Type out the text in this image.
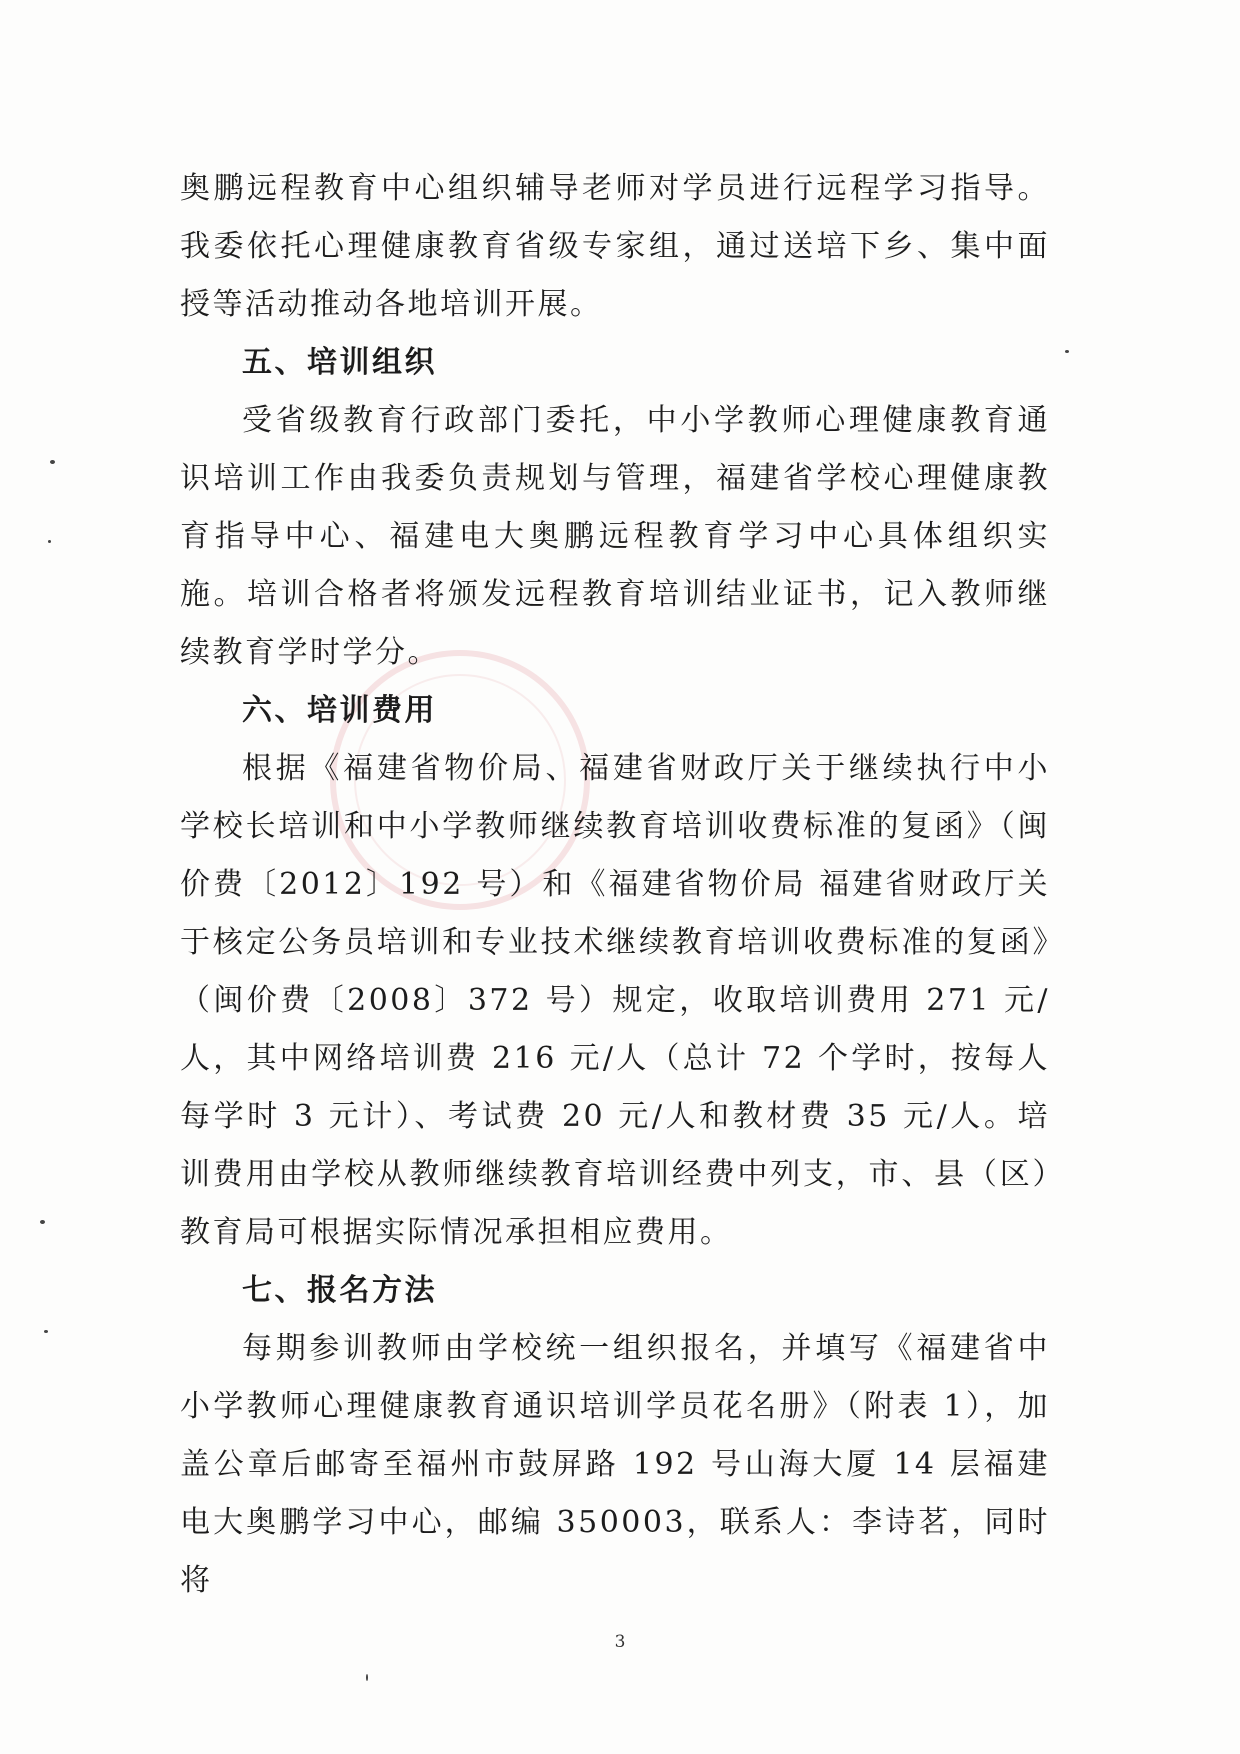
奥鹏远程教育中心组织辅导老师对学员进行远程学习指导。我委依托心理健康教育省级专家组，通过送培下乡、集中面授等活动推动各地培训开展。

五、培训组织

受省级教育行政部门委托，中小学教师心理健康教育通识培训工作由我委负责规划与管理，福建省学校心理健康教育指导中心、福建电大奥鹏远程教育学习中心具体组织实施。培训合格者将颁发远程教育培训结业证书，记入教师继续教育学时学分。

六、培训费用

根据《福建省物价局、福建省财政厅关于继续执行中小学校长培训和中小学教师继续教育培训收费标准的复函》（闽价费〔2012〕192 号）和《福建省物价局 福建省财政厅关于核定公务员培训和专业技术继续教育培训收费标准的复函》（闽价费〔2008〕372 号）规定，收取培训费用 271 元/人，其中网络培训费 216 元/人（总计 72 个学时，按每人每学时 3 元计）、考试费 20 元/人和教材费 35 元/人。培训费用由学校从教师继续教育培训经费中列支，市、县（区）教育局可根据实际情况承担相应费用。

七、报名方法

每期参训教师由学校统一组织报名，并填写《福建省中小学教师心理健康教育通识培训学员花名册》（附表 1），加盖公章后邮寄至福州市鼓屏路 192 号山海大厦 14 层福建电大奥鹏学习中心，邮编 350003，联系人：李诗茗，同时将

3
